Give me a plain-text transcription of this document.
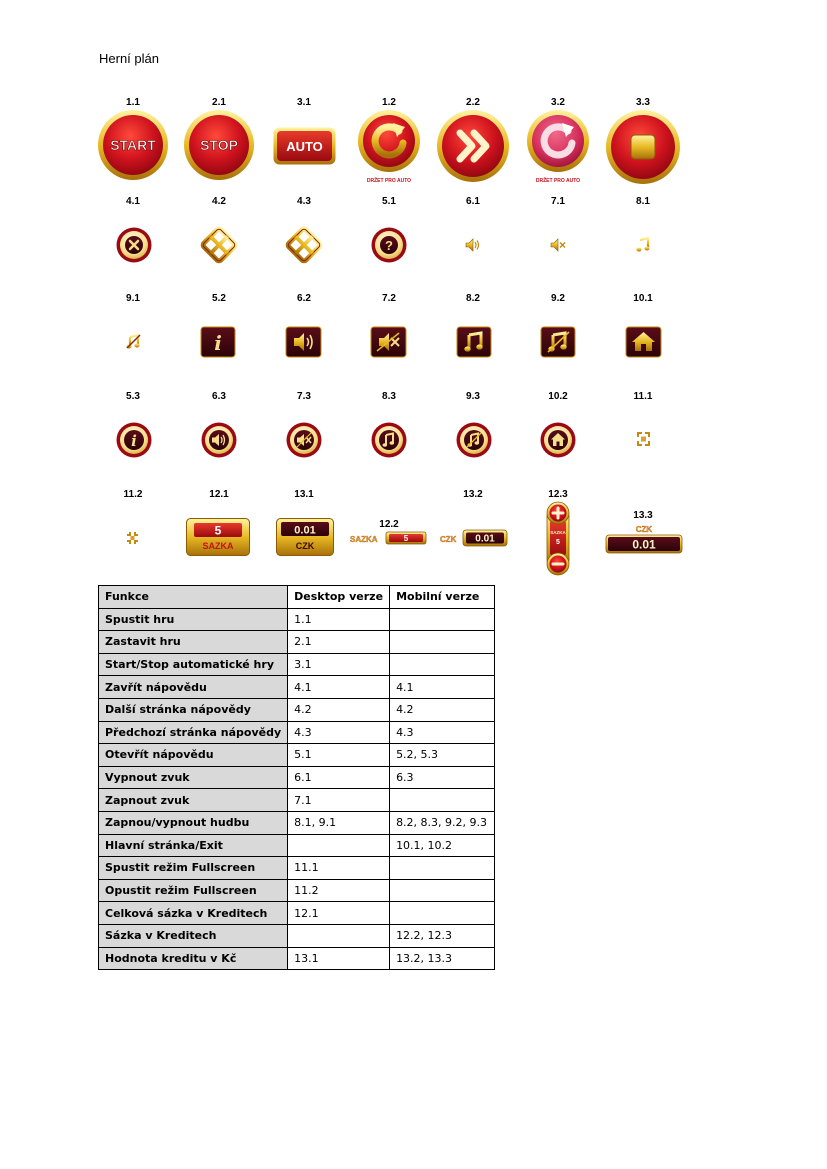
Herní plán
1.1	2.1	3.1	1.2	2.2	3.2	3.3
START	STOP	AUTO
DRŽET PRO AUTO	DRŽET PRO AUTO
4.1	4.2	4.3	5.1	6.1	7.1	8.1
?
9.1	5.2	6.2	7.2	8.2	9.2	10.1
i
5.3	6.3	7.3	8.3	9.3	10.2	11.1
i
11.2	12.1	13.1
12.2
13.2	12.3
13.3
5
SAZKA
0.01
CZK
SAZKA	5	CZK 0.01
SAZKA
5
CZK
0.01
Funkce	Desktop verze	Mobilní verze
Spustit hru	1.1	
Zastavit hru	2.1	
Start/Stop automatické hry	3.1	
Zavřít nápovědu	4.1	4.1
Další stránka nápovědy	4.2	4.2
Předchozí stránka nápovědy	4.3	4.3
Otevřít nápovědu	5.1	5.2, 5.3
Vypnout zvuk	6.1	6.3
Zapnout zvuk	7.1	
Zapnou/vypnout hudbu	8.1, 9.1	8.2, 8.3, 9.2, 9.3
Hlavní stránka/Exit		10.1, 10.2
Spustit režim Fullscreen	11.1	
Opustit režim Fullscreen	11.2	
Celková sázka v Kreditech	12.1	
Sázka v Kreditech		12.2, 12.3
Hodnota kreditu v Kč	13.1	13.2, 13.3
